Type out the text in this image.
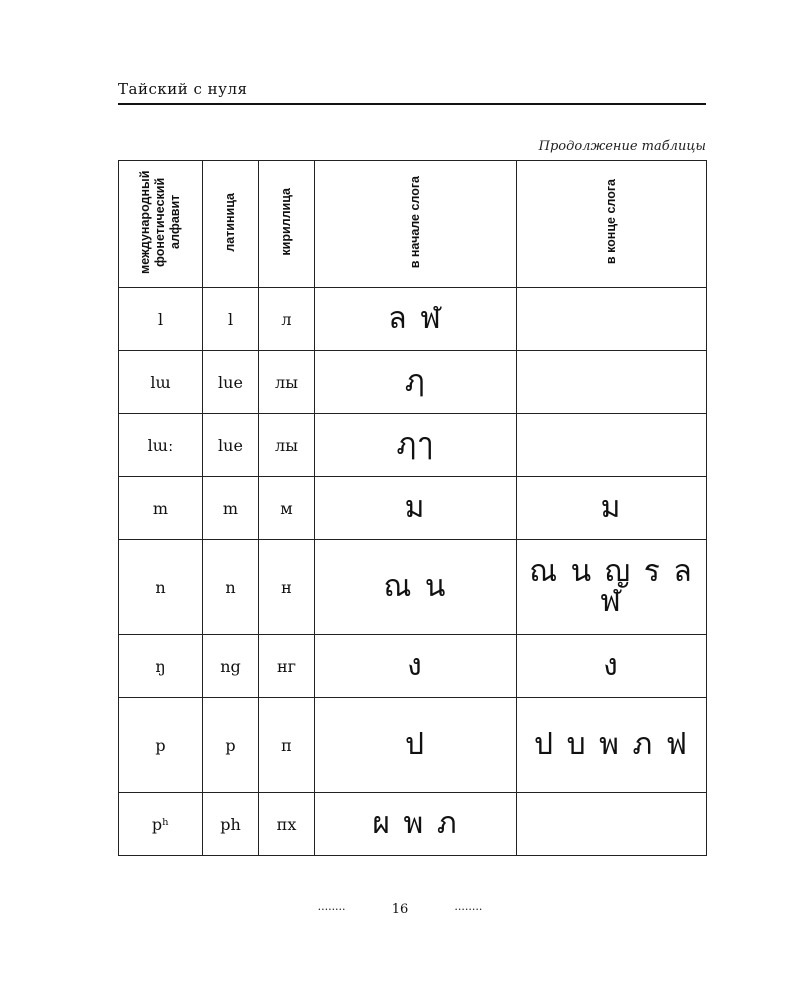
Тайский с нуля
Продолжение таблицы
международный фонетический алфавит	латиница	кириллица	в начале слога	в конце слога
l	l	л	ล ฬ	
lɯ	lue	лы	ฦ	
lɯː	lue	лы	ฦๅ	
m	m	м	ม	ม
n	n	н	ณ น	ณ น ญ ร ล ฬ
ŋ	ng	нг	ง	ง
p	p	п	ป	ป บ พ ภ ฟ
pʰ	ph	пх	ผ พ ภ	
........	16	........
